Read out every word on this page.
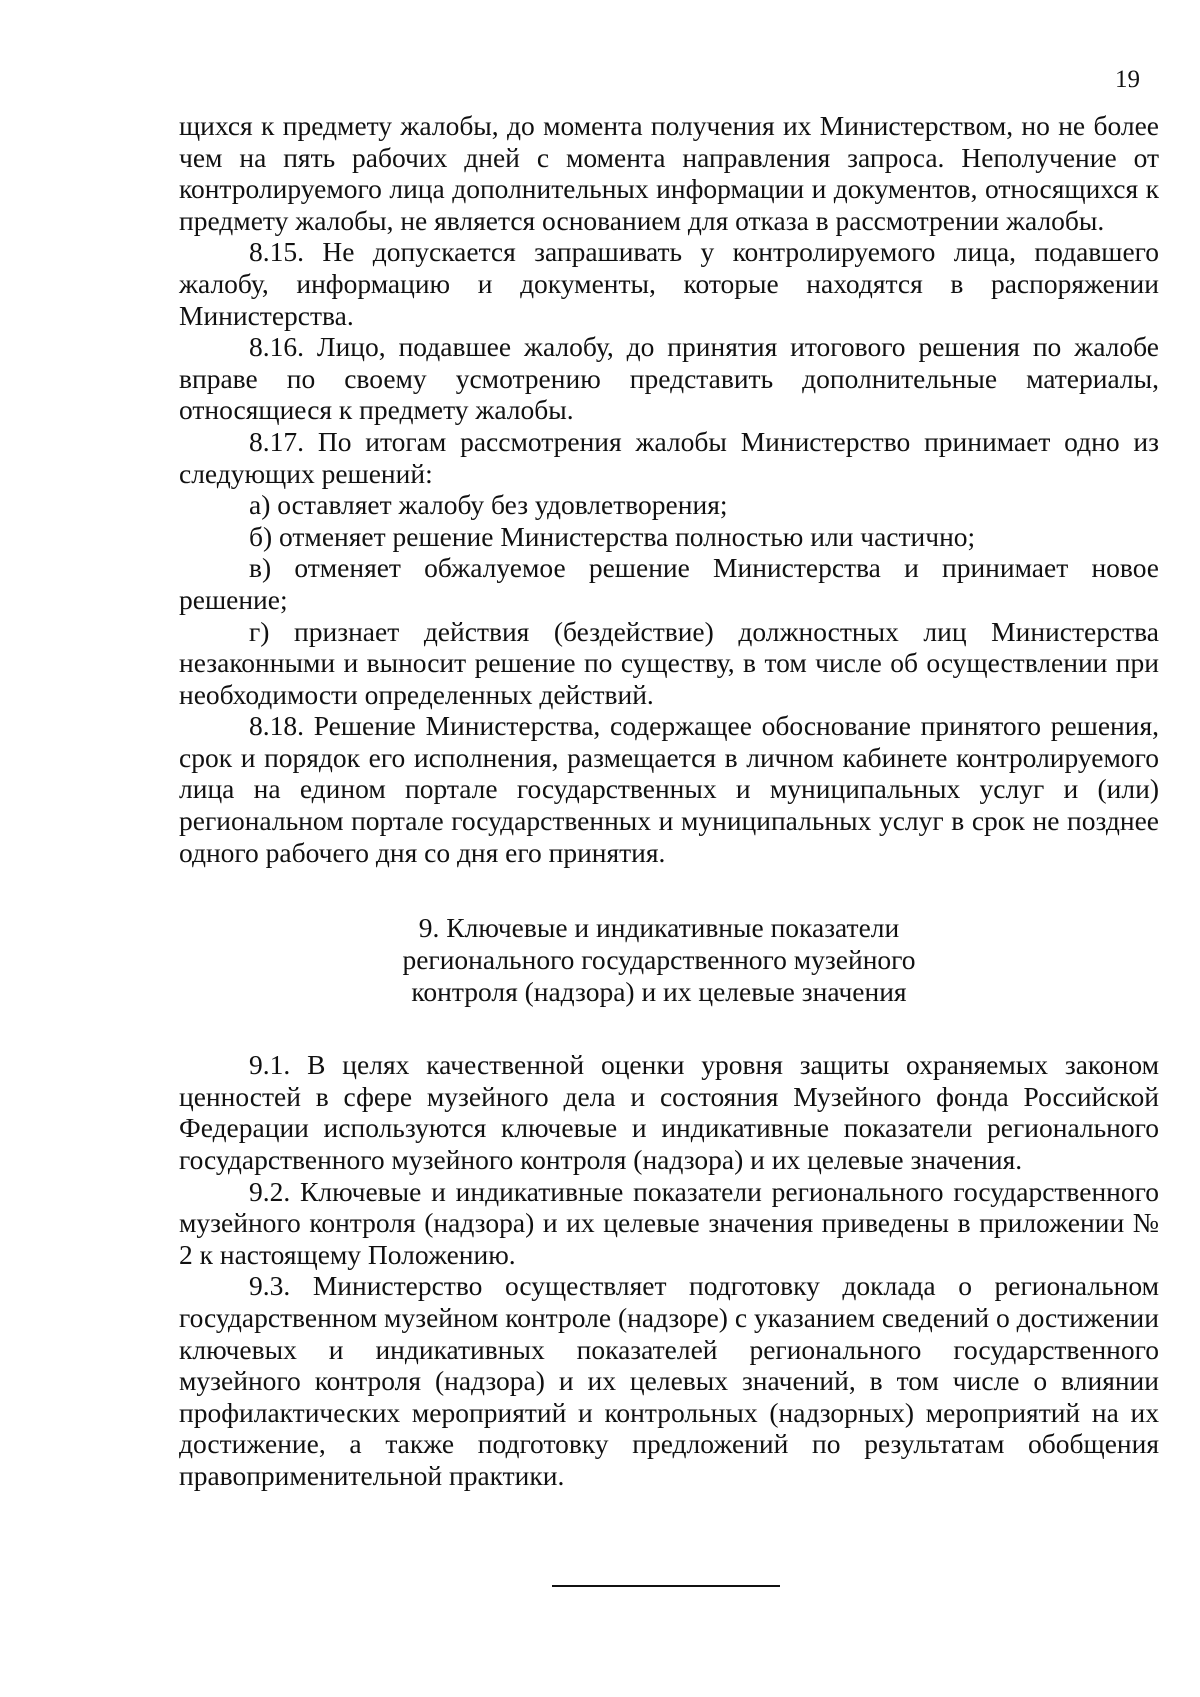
19

щихся к предмету жалобы, до момента получения их Министерством, но не более чем на пять рабочих дней с момента направления запроса. Неполучение от контролируемого лица дополнительных информации и документов, относящихся к предмету жалобы, не является основанием для отказа в рассмотрении жалобы.

8.15. Не допускается запрашивать у контролируемого лица, подавшего жалобу, информацию и документы, которые находятся в распоряжении Министерства.

8.16. Лицо, подавшее жалобу, до принятия итогового решения по жалобе вправе по своему усмотрению представить дополнительные материалы, относящиеся к предмету жалобы.

8.17. По итогам рассмотрения жалобы Министерство принимает одно из следующих решений:

а) оставляет жалобу без удовлетворения;

б) отменяет решение Министерства полностью или частично;

в) отменяет обжалуемое решение Министерства и принимает новое решение;

г) признает действия (бездействие) должностных лиц Министерства незаконными и выносит решение по существу, в том числе об осуществлении при необходимости определенных действий.

8.18. Решение Министерства, содержащее обоснование принятого решения, срок и порядок его исполнения, размещается в личном кабинете контролируемого лица на едином портале государственных и муниципальных услуг и (или) региональном портале государственных и муниципальных услуг в срок не позднее одного рабочего дня со дня его принятия.

9. Ключевые и индикативные показатели
регионального государственного музейного
контроля (надзора) и их целевые значения

9.1. В целях качественной оценки уровня защиты охраняемых законом ценностей в сфере музейного дела и состояния Музейного фонда Российской Федерации используются ключевые и индикативные показатели регионального государственного музейного контроля (надзора) и их целевые значения.

9.2. Ключевые и индикативные показатели регионального государственного музейного контроля (надзора) и их целевые значения приведены в приложении № 2 к настоящему Положению.

9.3. Министерство осуществляет подготовку доклада о региональном государственном музейном контроле (надзоре) с указанием сведений о достижении ключевых и индикативных показателей регионального государственного музейного контроля (надзора) и их целевых значений, в том числе о влиянии профилактических мероприятий и контрольных (надзорных) мероприятий на их достижение, а также подготовку предложений по результатам обобщения правоприменительной практики.
